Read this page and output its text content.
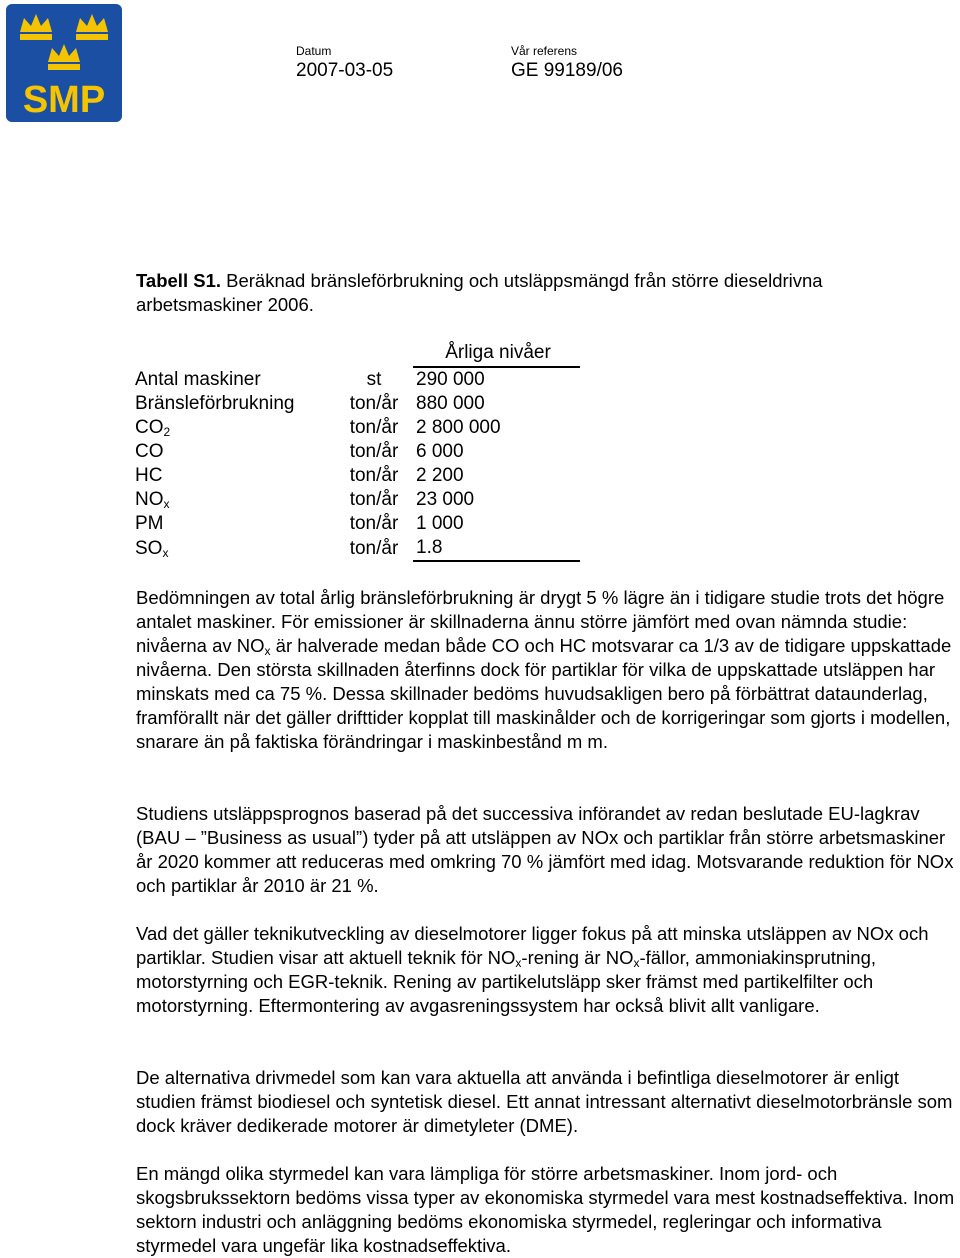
SMP
Datum
2007-03-05
Vår referens
GE 99189/06
Tabell S1. Beräknad bränsleförbrukning och utsläppsmängd från större dieseldrivna arbetsmaskiner 2006.
		Årliga nivåer
Antal maskiner	st	290 000
Bränsleförbrukning	ton/år	880 000
$CO_2$	ton/år	2 800 000
CO	ton/år	6 000
HC	ton/år	2 200
$NO_x$	ton/år	23 000
PM	ton/år	1 000
$SO_x$	ton/år	1.8

Bedömningen av total årlig bränsleförbrukning är drygt 5 % lägre än i tidigare studie trots det högre antalet maskiner. För emissioner är skillnaderna ännu större jämfört med ovan nämnda studie: nivåerna av $NO_x$ är halverade medan både CO och HC motsvarar ca 1/3 av de tidigare uppskattade nivåerna. Den största skillnaden återfinns dock för partiklar för vilka de uppskattade utsläppen har minskats med ca 75 %. Dessa skillnader bedöms huvudsakligen bero på förbättrat dataunderlag, framförallt när det gäller drifttider kopplat till maskinålder och de korrigeringar som gjorts i modellen, snarare än på faktiska förändringar i maskinbestånd m m.

Studiens utsläppsprognos baserad på det successiva införandet av redan beslutade EU-lagkrav (BAU – ”Business as usual”) tyder på att utsläppen av NOx och partiklar från större arbetsmaskiner år 2020 kommer att reduceras med omkring 70 % jämfört med idag. Motsvarande reduktion för NOx och partiklar år 2010 är 21 %.

Vad det gäller teknikutveckling av dieselmotorer ligger fokus på att minska utsläppen av NOx och partiklar. Studien visar att aktuell teknik för $NO_x$-rening är $NO_x$-fällor, ammoniakinsprutning, motorstyrning och EGR-teknik. Rening av partikelutsläpp sker främst med partikelfilter och motorstyrning. Eftermontering av avgasreningssystem har också blivit allt vanligare.

De alternativa drivmedel som kan vara aktuella att använda i befintliga dieselmotorer är enligt studien främst biodiesel och syntetisk diesel. Ett annat intressant alternativt dieselmotorbränsle som dock kräver dedikerade motorer är dimetyleter (DME).

En mängd olika styrmedel kan vara lämpliga för större arbetsmaskiner. Inom jord- och skogsbrukssektorn bedöms vissa typer av ekonomiska styrmedel vara mest kostnadseffektiva. Inom sektorn industri och anläggning bedöms ekonomiska styrmedel, regleringar och informativa styrmedel vara ungefär lika kostnadseffektiva.
